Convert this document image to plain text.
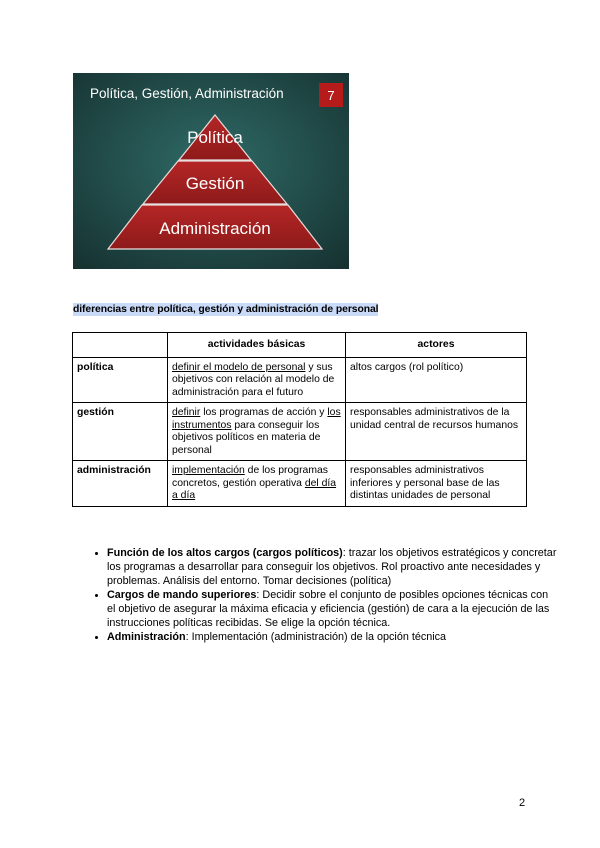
7
Política, Gestión, Administración
Política
Gestión
Administración
diferencias entre política, gestión y administración de personal
	actividades básicas	actores
política	definir el modelo de personal y sus objetivos con relación al modelo de administración para el futuro	altos cargos (rol político)
gestión	definir los programas de acción y los instrumentos para conseguir los objetivos políticos en materia de personal	responsables administrativos de la unidad central de recursos humanos
administración	implementación de los programas concretos, gestión operativa del día a día	responsables administrativos inferiores y personal base de las distintas unidades de personal
• Función de los altos cargos (cargos políticos): trazar los objetivos estratégicos y concretar los programas a desarrollar para conseguir los objetivos. Rol proactivo ante necesidades y problemas. Análisis del entorno. Tomar decisiones (política)
• Cargos de mando superiores: Decidir sobre el conjunto de posibles opciones técnicas con el objetivo de asegurar la máxima eficacia y eficiencia (gestión) de cara a la ejecución de las instrucciones políticas recibidas. Se elige la opción técnica.
• Administración: Implementación (administración) de la opción técnica
2
